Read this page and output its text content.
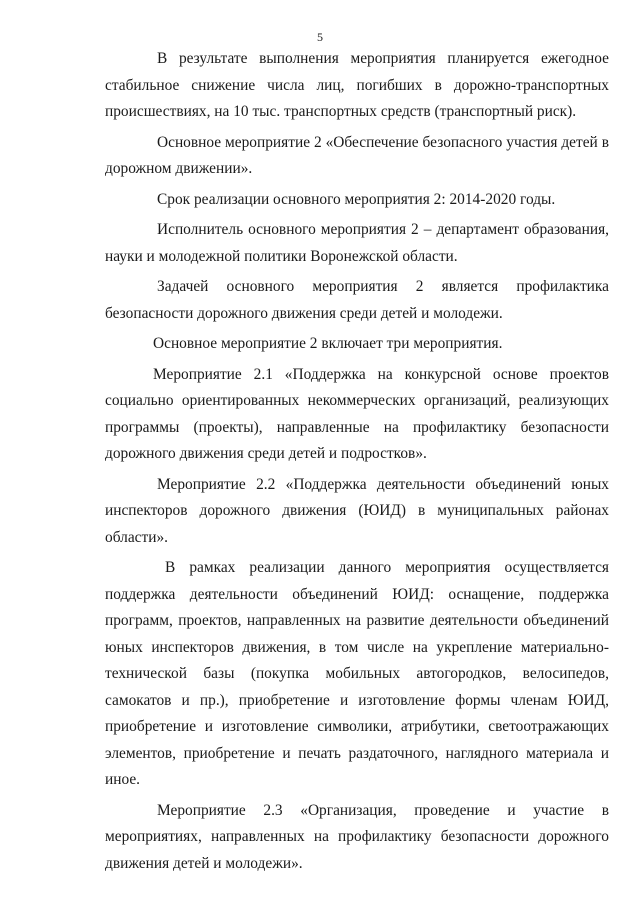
5

В результате выполнения мероприятия планируется ежегодное стабильное снижение числа лиц, погибших в дорожно-транспортных происшествиях, на 10 тыс. транспортных средств (транспортный риск).

Основное мероприятие 2 «Обеспечение безопасного участия детей в дорожном движении».

Срок реализации основного мероприятия 2: 2014-2020 годы.

Исполнитель основного мероприятия 2 – департамент образования, науки и молодежной политики Воронежской области.

Задачей основного мероприятия 2 является профилактика безопасности дорожного движения среди детей и молодежи.

Основное мероприятие 2 включает три мероприятия.

Мероприятие 2.1 «Поддержка на конкурсной основе проектов социально ориентированных некоммерческих организаций, реализующих программы (проекты), направленные на профилактику безопасности дорожного движения среди детей и подростков».

Мероприятие 2.2 «Поддержка деятельности объединений юных инспекторов дорожного движения (ЮИД) в муниципальных районах области».

В рамках реализации данного мероприятия осуществляется поддержка деятельности объединений ЮИД: оснащение, поддержка программ, проектов, направленных на развитие деятельности объединений юных инспекторов движения, в том числе на укрепление материально-технической базы (покупка мобильных автогородков, велосипедов, самокатов и пр.), приобретение и изготовление формы членам ЮИД, приобретение и изготовление символики, атрибутики, светоотражающих элементов, приобретение и печать раздаточного, наглядного материала и иное.

Мероприятие 2.3 «Организация, проведение и участие в мероприятиях, направленных на профилактику безопасности дорожного движения детей и молодежи».
